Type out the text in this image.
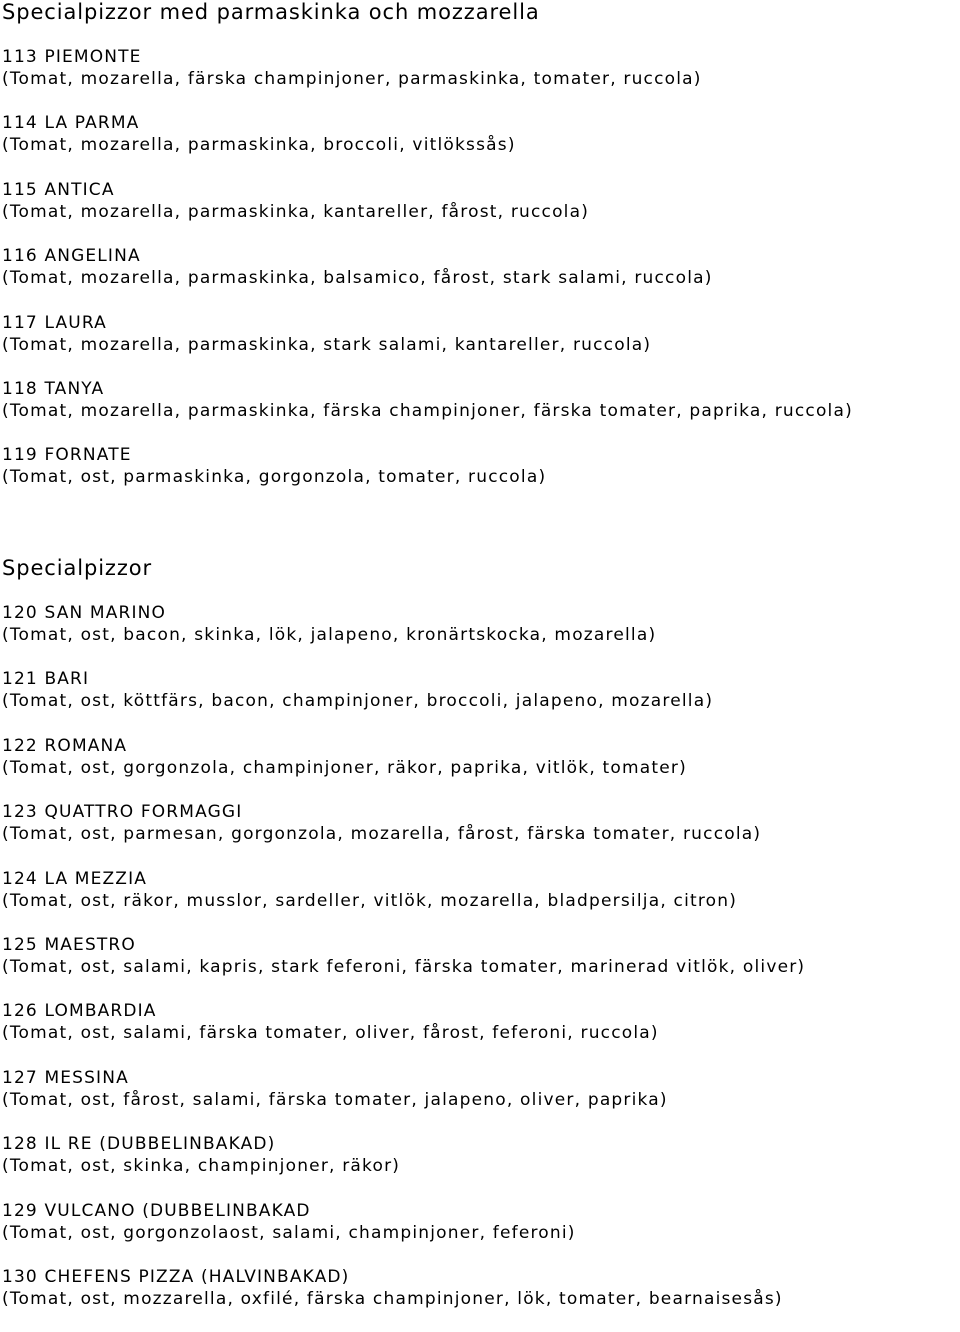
Specialpizzor med parmaskinka och mozzarella
113 PIEMONTE
(Tomat, mozarella, färska champinjoner, parmaskinka, tomater, ruccola)
114 LA PARMA
(Tomat, mozarella, parmaskinka, broccoli, vitlökssås)
115 ANTICA
(Tomat, mozarella, parmaskinka, kantareller, fårost, ruccola)
116 ANGELINA
(Tomat, mozarella, parmaskinka, balsamico, fårost, stark salami, ruccola)
117 LAURA
(Tomat, mozarella, parmaskinka, stark salami, kantareller, ruccola)
118 TANYA
(Tomat, mozarella, parmaskinka, färska champinjoner, färska tomater, paprika, ruccola)
119 FORNATE
(Tomat, ost, parmaskinka, gorgonzola, tomater, ruccola)
Specialpizzor
120 SAN MARINO
(Tomat, ost, bacon, skinka, lök, jalapeno, kronärtskocka, mozarella)
121 BARI
(Tomat, ost, köttfärs, bacon, champinjoner, broccoli, jalapeno, mozarella)
122 ROMANA
(Tomat, ost, gorgonzola, champinjoner, räkor, paprika, vitlök, tomater)
123 QUATTRO FORMAGGI
(Tomat, ost, parmesan, gorgonzola, mozarella, fårost, färska tomater, ruccola)
124 LA MEZZIA
(Tomat, ost, räkor, musslor, sardeller, vitlök, mozarella, bladpersilja, citron)
125 MAESTRO
(Tomat, ost, salami, kapris, stark feferoni, färska tomater, marinerad vitlök, oliver)
126 LOMBARDIA
(Tomat, ost, salami, färska tomater, oliver, fårost, feferoni, ruccola)
127 MESSINA
(Tomat, ost, fårost, salami, färska tomater, jalapeno, oliver, paprika)
128 IL RE (DUBBELINBAKAD)
(Tomat, ost, skinka, champinjoner, räkor)
129 VULCANO (DUBBELINBAKAD
(Tomat, ost, gorgonzolaost, salami, champinjoner, feferoni)
130 CHEFENS PIZZA (HALVINBAKAD)
(Tomat, ost, mozzarella, oxfilé, färska champinjoner, lök, tomater, bearnaisesås)
